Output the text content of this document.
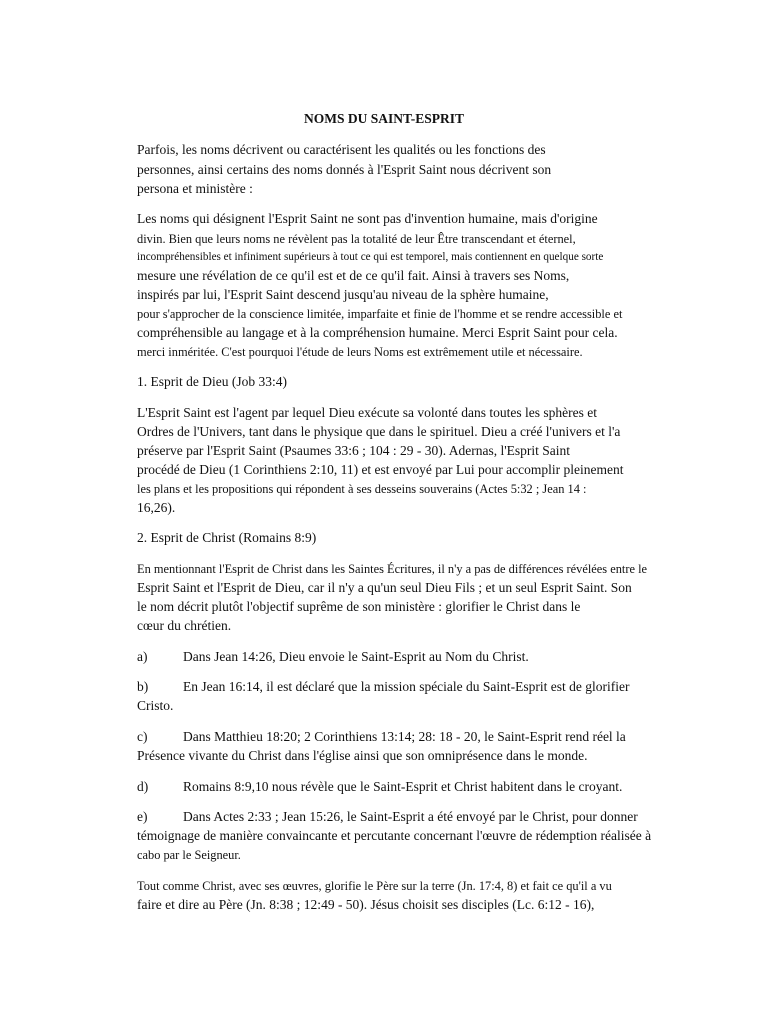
NOMS DU SAINT-ESPRIT
Parfois, les noms décrivent ou caractérisent les qualités ou les fonctions des
personnes, ainsi certains des noms donnés à l'Esprit Saint nous décrivent son
persona et ministère :
Les noms qui désignent l'Esprit Saint ne sont pas d'invention humaine, mais d'origine
divin. Bien que leurs noms ne révèlent pas la totalité de leur Être transcendant et éternel,
incompréhensibles et infiniment supérieurs à tout ce qui est temporel, mais contiennent en quelque sorte
mesure une révélation de ce qu'il est et de ce qu'il fait. Ainsi à travers ses Noms,
inspirés par lui, l'Esprit Saint descend jusqu'au niveau de la sphère humaine,
pour s'approcher de la conscience limitée, imparfaite et finie de l'homme et se rendre accessible et
compréhensible au langage et à la compréhension humaine. Merci Esprit Saint pour cela.
merci inméritée. C'est pourquoi l'étude de leurs Noms est extrêmement utile et nécessaire.
1. Esprit de Dieu (Job 33:4)
L'Esprit Saint est l'agent par lequel Dieu exécute sa volonté dans toutes les sphères et
Ordres de l'Univers, tant dans le physique que dans le spirituel. Dieu a créé l'univers et l'a
préserve par l'Esprit Saint (Psaumes 33:6 ; 104 : 29 - 30). Adernas, l'Esprit Saint
procédé de Dieu (1 Corinthiens 2:10, 11) et est envoyé par Lui pour accomplir pleinement
les plans et les propositions qui répondent à ses desseins souverains (Actes 5:32 ; Jean 14 :
16,26).
2. Esprit de Christ (Romains 8:9)
En mentionnant l'Esprit de Christ dans les Saintes Écritures, il n'y a pas de différences révélées entre le
Esprit Saint et l'Esprit de Dieu, car il n'y a qu'un seul Dieu Fils ; et un seul Esprit Saint. Son
le nom décrit plutôt l'objectif suprême de son ministère : glorifier le Christ dans le
cœur du chrétien.
a)	Dans Jean 14:26, Dieu envoie le Saint-Esprit au Nom du Christ.
b)	En Jean 16:14, il est déclaré que la mission spéciale du Saint-Esprit est de glorifier
Cristo.
c)	Dans Matthieu 18:20; 2 Corinthiens 13:14; 28: 18 - 20, le Saint-Esprit rend réel la
Présence vivante du Christ dans l'église ainsi que son omniprésence dans le monde.
d)	Romains 8:9,10 nous révèle que le Saint-Esprit et Christ habitent dans le croyant.
e)	Dans Actes 2:33 ; Jean 15:26, le Saint-Esprit a été envoyé par le Christ, pour donner
témoignage de manière convaincante et percutante concernant l'œuvre de rédemption réalisée à
cabo par le Seigneur.
Tout comme Christ, avec ses œuvres, glorifie le Père sur la terre (Jn. 17:4, 8) et fait ce qu'il a vu
faire et dire au Père (Jn. 8:38 ; 12:49 - 50). Jésus choisit ses disciples (Lc. 6:12 - 16),
